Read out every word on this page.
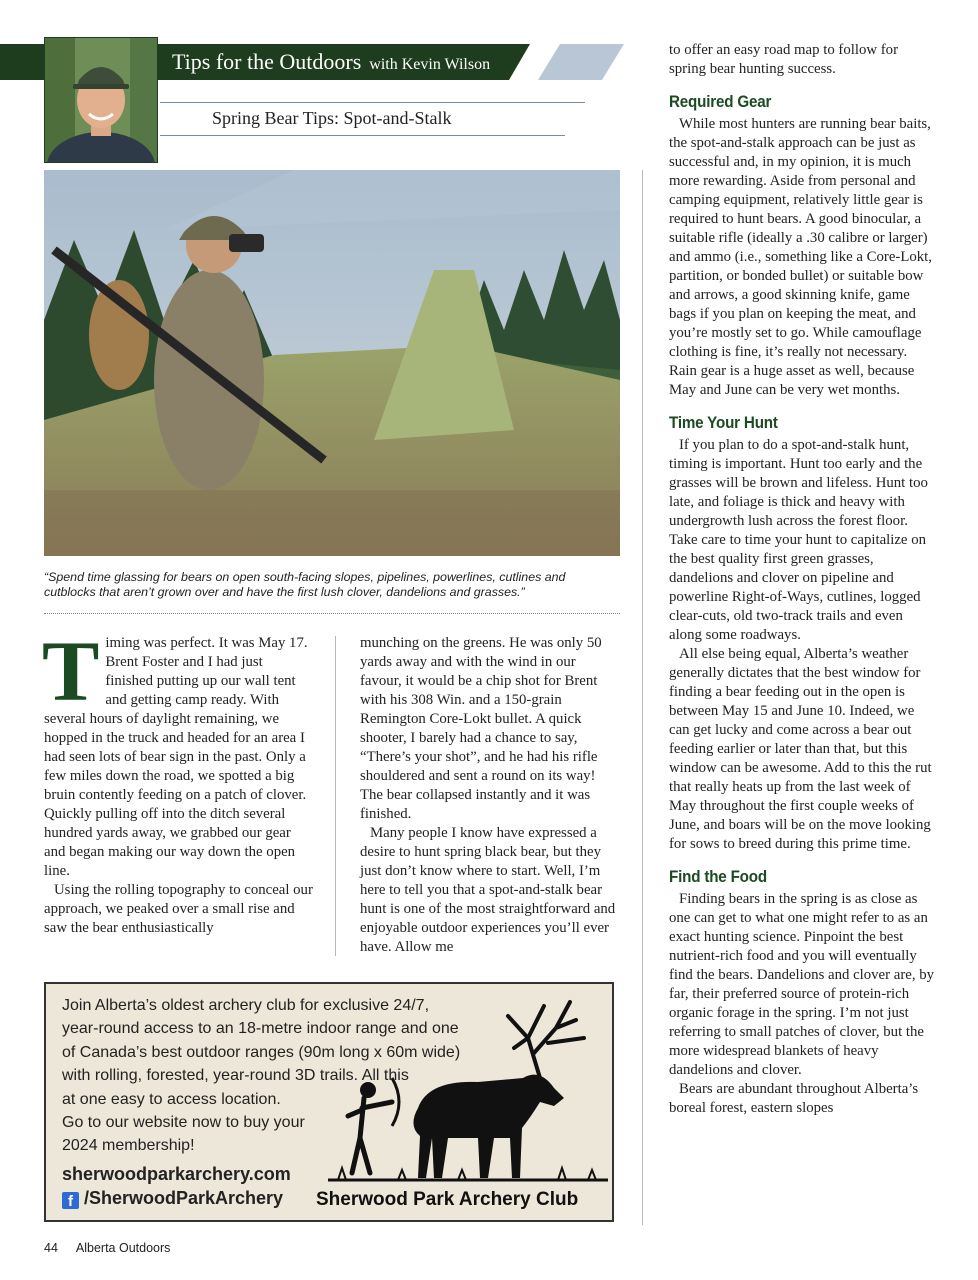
Tips for the Outdoors with Kevin Wilson
Spring Bear Tips: Spot-and-Stalk
“Spend time glassing for bears on open south-facing slopes, pipelines, powerlines, cutlines and cutblocks that aren’t grown over and have the first lush clover, dandelions and grasses.”

Timing was perfect. It was May 17. Brent Foster and I had just finished putting up our wall tent and getting camp ready. With several hours of daylight remaining, we hopped in the truck and headed for an area I had seen lots of bear sign in the past. Only a few miles down the road, we spotted a big bruin contently feeding on a patch of clover. Quickly pulling off into the ditch several hundred yards away, we grabbed our gear and began making our way down the open line.

Using the rolling topography to conceal our approach, we peaked over a small rise and saw the bear enthusiastically

munching on the greens. He was only 50 yards away and with the wind in our favour, it would be a chip shot for Brent with his 308 Win. and a 150-grain Remington Core-Lokt bullet. A quick shooter, I barely had a chance to say, “There’s your shot”, and he had his rifle shouldered and sent a round on its way! The bear collapsed instantly and it was finished.

Many people I know have expressed a desire to hunt spring black bear, but they just don’t know where to start. Well, I’m here to tell you that a spot-and-stalk bear hunt is one of the most straightforward and enjoyable outdoor experiences you’ll ever have. Allow me

to offer an easy road map to follow for spring bear hunting success.

Required Gear

While most hunters are running bear baits, the spot-and-stalk approach can be just as successful and, in my opinion, it is much more rewarding. Aside from personal and camping equipment, relatively little gear is required to hunt bears. A good binocular, a suitable rifle (ideally a .30 calibre or larger) and ammo (i.e., something like a Core-Lokt, partition, or bonded bullet) or suitable bow and arrows, a good skinning knife, game bags if you plan on keeping the meat, and you’re mostly set to go. While camouflage clothing is fine, it’s really not necessary. Rain gear is a huge asset as well, because May and June can be very wet months.

Time Your Hunt

If you plan to do a spot-and-stalk hunt, timing is important. Hunt too early and the grasses will be brown and lifeless. Hunt too late, and foliage is thick and heavy with undergrowth lush across the forest floor. Take care to time your hunt to capitalize on the best quality first green grasses, dandelions and clover on pipeline and powerline Right-of-Ways, cutlines, logged clear-cuts, old two-track trails and even along some roadways.

All else being equal, Alberta’s weather generally dictates that the best window for finding a bear feeding out in the open is between May 15 and June 10. Indeed, we can get lucky and come across a bear out feeding earlier or later than that, but this window can be awesome. Add to this the rut that really heats up from the last week of May throughout the first couple weeks of June, and boars will be on the move looking for sows to breed during this prime time.

Find the Food

Finding bears in the spring is as close as one can get to what one might refer to as an exact hunting science. Pinpoint the best nutrient-rich food and you will eventually find the bears. Dandelions and clover are, by far, their preferred source of protein-rich organic forage in the spring. I’m not just referring to small patches of clover, but the more widespread blankets of heavy dandelions and clover.

Bears are abundant throughout Alberta’s boreal forest, eastern slopes

Join Alberta’s oldest archery club for exclusive 24/7,
year-round access to an 18-metre indoor range and one
of Canada’s best outdoor ranges (90m long x 60m wide)
with rolling, forested, year-round 3D trails. All this
at one easy to access location.
Go to our website now to buy your
2024 membership!
sherwoodparkarchery.com
f /SherwoodParkArchery Sherwood Park Archery Club
44 Alberta Outdoors
